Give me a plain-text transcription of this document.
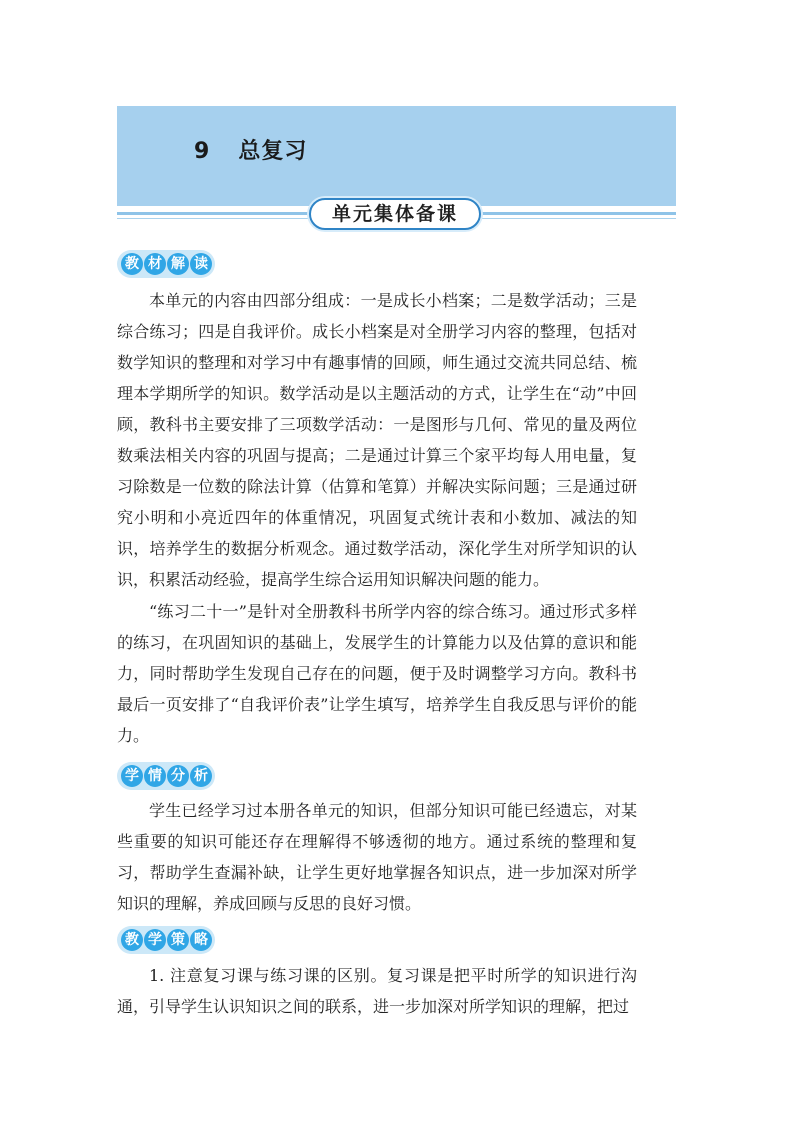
9 总复习
单元集体备课
教 材 解 读
本单元的内容由四部分组成：一是成长小档案；二是数学活动；三是综合练习；四是自我评价。成长小档案是对全册学习内容的整理，包括对数学知识的整理和对学习中有趣事情的回顾，师生通过交流共同总结、梳理本学期所学的知识。数学活动是以主题活动的方式，让学生在“动”中回顾，教科书主要安排了三项数学活动：一是图形与几何、常见的量及两位数乘法相关内容的巩固与提高；二是通过计算三个家平均每人用电量，复习除数是一位数的除法计算（估算和笔算）并解决实际问题；三是通过研究小明和小亮近四年的体重情况，巩固复式统计表和小数加、减法的知识，培养学生的数据分析观念。通过数学活动，深化学生对所学知识的认识，积累活动经验，提高学生综合运用知识解决问题的能力。
“练习二十一”是针对全册教科书所学内容的综合练习。通过形式多样的练习，在巩固知识的基础上，发展学生的计算能力以及估算的意识和能力，同时帮助学生发现自己存在的问题，便于及时调整学习方向。教科书最后一页安排了“自我评价表”让学生填写，培养学生自我反思与评价的能力。
学 情 分 析
学生已经学习过本册各单元的知识，但部分知识可能已经遗忘，对某些重要的知识可能还存在理解得不够透彻的地方。通过系统的整理和复习，帮助学生查漏补缺，让学生更好地掌握各知识点，进一步加深对所学知识的理解，养成回顾与反思的良好习惯。
教 学 策 略
1. 注意复习课与练习课的区别。复习课是把平时所学的知识进行沟通，引导学生认识知识之间的联系，进一步加深对所学知识的理解，把过
